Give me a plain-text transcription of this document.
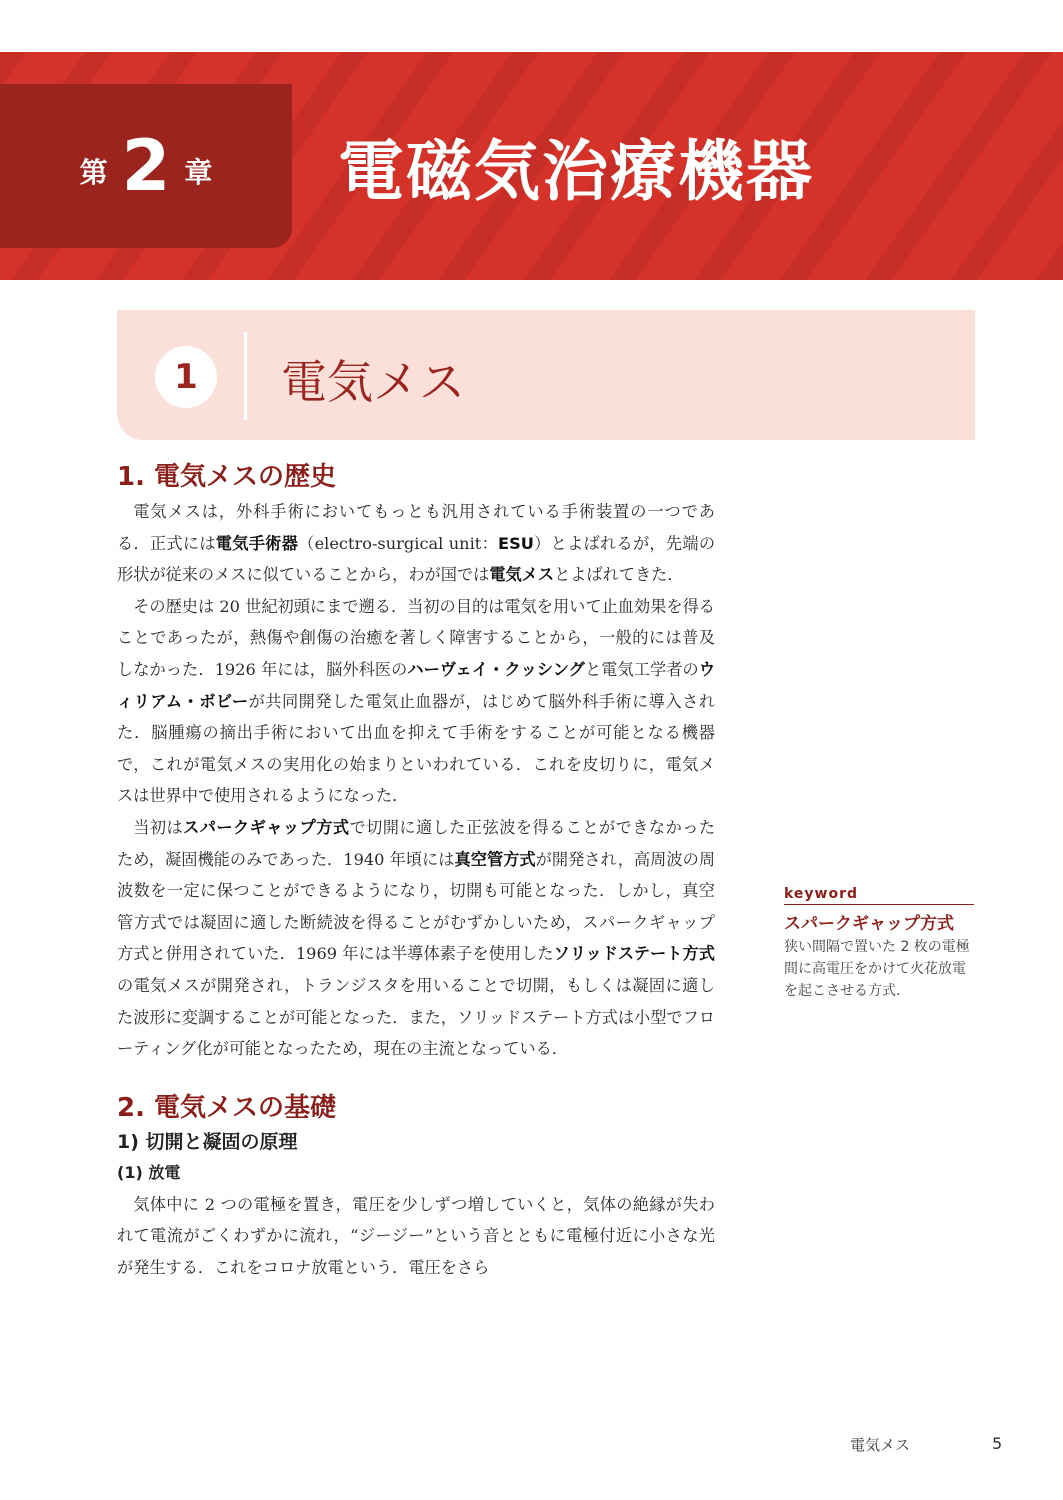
第 2 章 電磁気治療機器
1	電気メス
1. 電気メスの歴史

電気メスは，外科手術においてもっとも汎用されている手術装置の一つである．正式には電気手術器（electro-surgical unit：ESU）とよばれるが，先端の形状が従来のメスに似ていることから，わが国では電気メスとよばれてきた．

その歴史は 20 世紀初頭にまで遡る．当初の目的は電気を用いて止血効果を得ることであったが，熱傷や創傷の治癒を著しく障害することから，一般的には普及しなかった．1926 年には，脳外科医のハーヴェイ・クッシングと電気工学者のウィリアム・ボビーが共同開発した電気止血器が，はじめて脳外科手術に導入された．脳腫瘍の摘出手術において出血を抑えて手術をすることが可能となる機器で，これが電気メスの実用化の始まりといわれている．これを皮切りに，電気メスは世界中で使用されるようになった．

当初はスパークギャップ方式で切開に適した正弦波を得ることができなかったため，凝固機能のみであった．1940 年頃には真空管方式が開発され，高周波の周波数を一定に保つことができるようになり，切開も可能となった．しかし，真空管方式では凝固に適した断続波を得ることがむずかしいため，スパークギャップ方式と併用されていた．1969 年には半導体素子を使用したソリッドステート方式の電気メスが開発され，トランジスタを用いることで切開，もしくは凝固に適した波形に変調することが可能となった．また，ソリッドステート方式は小型でフローティング化が可能となったため，現在の主流となっている．

2. 電気メスの基礎
1) 切開と凝固の原理
(1) 放電

気体中に 2 つの電極を置き，電圧を少しずつ増していくと，気体の絶縁が失われて電流がごくわずかに流れ，“ジージー”という音とともに電極付近に小さな光が発生する．これをコロナ放電という．電圧をさら

keyword
スパークギャップ方式
狭い間隔で置いた 2 枚の電極間に高電圧をかけて火花放電を起こさせる方式.
電気メス	5
